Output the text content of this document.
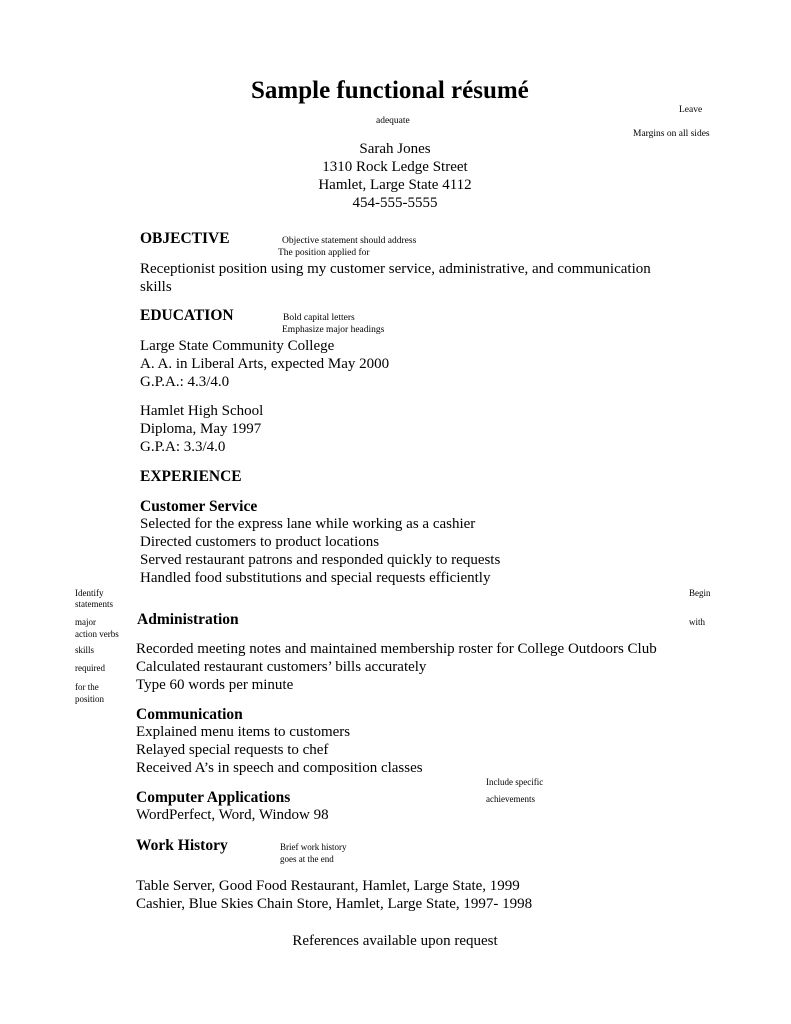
Sample functional résumé
Leave
adequate
Margins on all sides
Sarah Jones
1310 Rock Ledge Street
Hamlet, Large State 4112
454-555-5555
OBJECTIVE	Objective statement should address
The position applied for
Receptionist position using my customer service, administrative, and communication
skills
EDUCATION	Bold capital letters
Emphasize major headings
Large State Community College
A. A. in Liberal Arts, expected May 2000
G.P.A.: 4.3/4.0
Hamlet High School
Diploma, May 1997
G.P.A: 3.3/4.0
EXPERIENCE
Customer Service
Selected for the express lane while working as a cashier
Directed customers to product locations
Served restaurant patrons and responded quickly to requests
Handled food substitutions and special requests efficiently
Identify
statements
major
action verbs
skills
required
for the
position
Begin
with
Administration
Recorded meeting notes and maintained membership roster for College Outdoors Club
Calculated restaurant customers’ bills accurately
Type 60 words per minute
Communication
Explained menu items to customers
Relayed special requests to chef
Received A’s in speech and composition classes
Include specific
achievements
Computer Applications
WordPerfect, Word, Window 98
Work History	Brief work history
goes at the end
Table Server, Good Food Restaurant, Hamlet, Large State, 1999
Cashier, Blue Skies Chain Store, Hamlet, Large State, 1997- 1998
References available upon request
